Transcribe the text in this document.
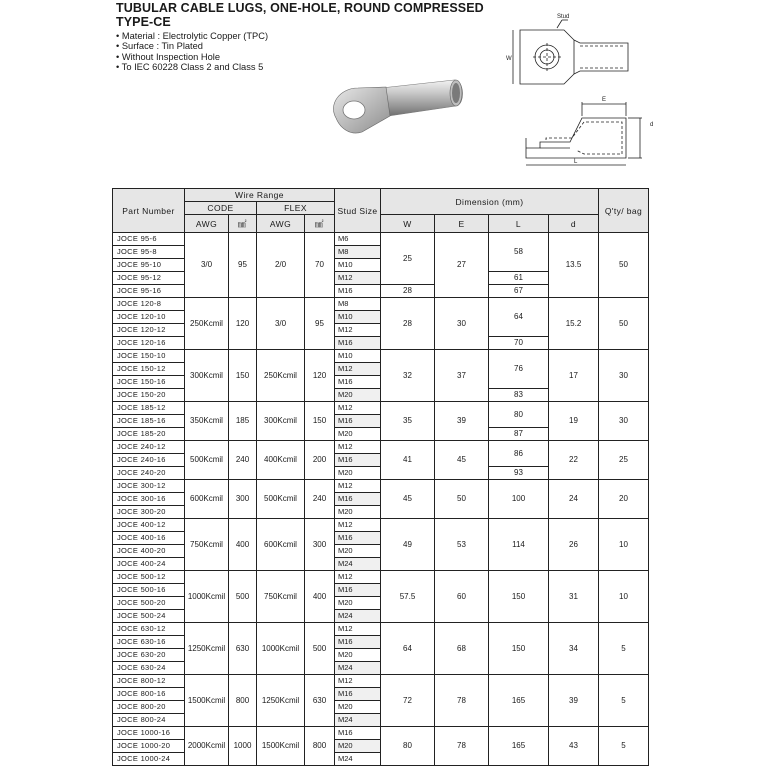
TUBULAR CABLE LUGS, ONE-HOLE, ROUND COMPRESSED
TYPE-CE
• Material : Electrolytic Copper (TPC)
• Surface : Tin Plated
• Without Inspection Hole
• To IEC 60228 Class 2 and Class 5
Stud
W
E
d
L
Part Number	Wire Range				Stud Size	Dimension (mm)				Q'ty/ bag
	CODE		FLEX							
	AWG	㎟	AWG	㎟		W	E	L	d	
JOCE 95-6	3/0	95	2/0	70	M6	25	27	58	13.5	50
JOCE 95-8					M8					
JOCE 95-10					M10					
JOCE 95-12					M12			61		
JOCE 95-16					M16	28		67		
JOCE 120-8	250Kcmil	120	3/0	95	M8	28	30	64	15.2	50
JOCE 120-10					M10					
JOCE 120-12					M12					
JOCE 120-16					M16			70		
JOCE 150-10	300Kcmil	150	250Kcmil	120	M10	32	37	76	17	30
JOCE 150-12					M12					
JOCE 150-16					M16					
JOCE 150-20					M20			83		
JOCE 185-12	350Kcmil	185	300Kcmil	150	M12	35	39	80	19	30
JOCE 185-16					M16					
JOCE 185-20					M20			87		
JOCE 240-12	500Kcmil	240	400Kcmil	200	M12	41	45	86	22	25
JOCE 240-16					M16					
JOCE 240-20					M20			93		
JOCE 300-12	600Kcmil	300	500Kcmil	240	M12	45	50	100	24	20
JOCE 300-16					M16					
JOCE 300-20					M20					
JOCE 400-12	750Kcmil	400	600Kcmil	300	M12	49	53	114	26	10
JOCE 400-16					M16					
JOCE 400-20					M20					
JOCE 400-24					M24					
JOCE 500-12	1000Kcmil	500	750Kcmil	400	M12	57.5	60	150	31	10
JOCE 500-16					M16					
JOCE 500-20					M20					
JOCE 500-24					M24					
JOCE 630-12	1250Kcmil	630	1000Kcmil	500	M12	64	68	150	34	5
JOCE 630-16					M16					
JOCE 630-20					M20					
JOCE 630-24					M24					
JOCE 800-12	1500Kcmil	800	1250Kcmil	630	M12	72	78	165	39	5
JOCE 800-16					M16					
JOCE 800-20					M20					
JOCE 800-24					M24					
JOCE 1000-16	2000Kcmil	1000	1500Kcmil	800	M16	80	78	165	43	5
JOCE 1000-20					M20					
JOCE 1000-24					M24					
